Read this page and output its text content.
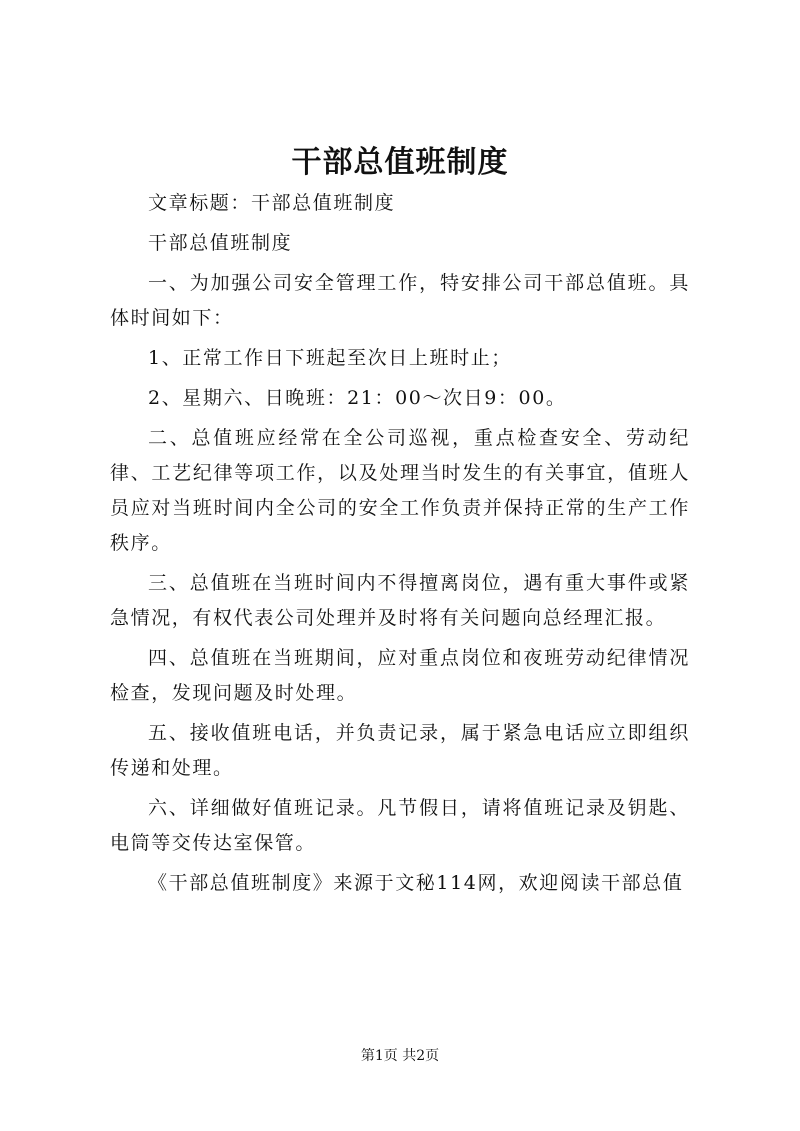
干部总值班制度

文章标题：干部总值班制度

干部总值班制度

一、为加强公司安全管理工作，特安排公司干部总值班。具体时间如下：

1、正常工作日下班起至次日上班时止；

2、星期六、日晚班：21：00～次日9：00。

二、总值班应经常在全公司巡视，重点检查安全、劳动纪律、工艺纪律等项工作，以及处理当时发生的有关事宜，值班人员应对当班时间内全公司的安全工作负责并保持正常的生产工作秩序。

三、总值班在当班时间内不得擅离岗位，遇有重大事件或紧急情况，有权代表公司处理并及时将有关问题向总经理汇报。

四、总值班在当班期间，应对重点岗位和夜班劳动纪律情况检查，发现问题及时处理。

五、接收值班电话，并负责记录，属于紧急电话应立即组织传递和处理。

六、详细做好值班记录。凡节假日，请将值班记录及钥匙、电筒等交传达室保管。

《干部总值班制度》来源于文秘114网，欢迎阅读干部总值

第1页 共2页
